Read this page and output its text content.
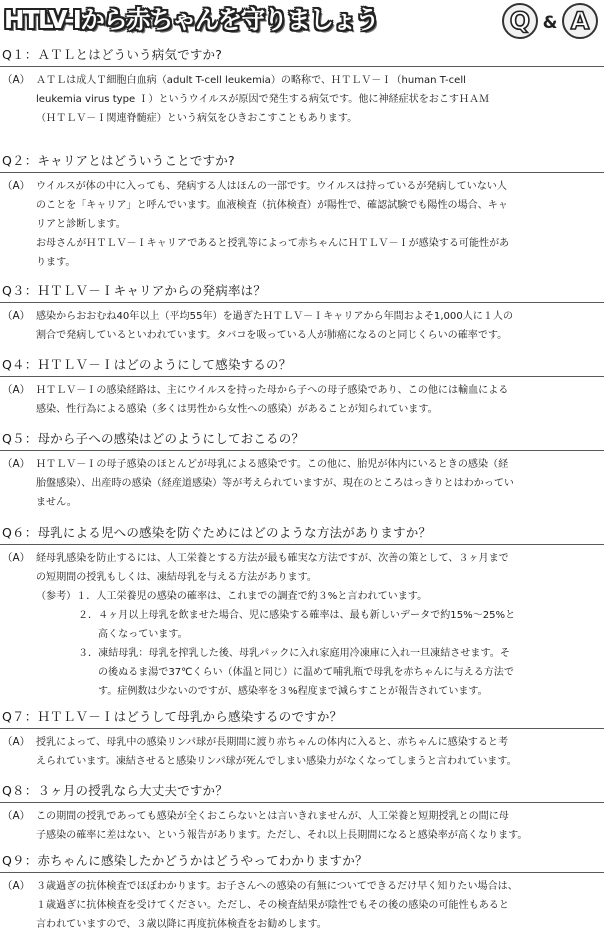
HTLV-Iから赤ちゃんを守りましょう	Q & A
Q１：ＡＴＬとはどういう病気ですか?
（A） ＡＴＬは成人Ｔ細胞白血病（adult T-cell leukemia）の略称で、ＨＴＬＶ－Ｉ（human T-cell
leukemia virus type Ｉ）というウイルスが原因で発生する病気です。他に神経症状をおこすＨＡＭ
（ＨＴＬＶ－Ｉ関連脊髄症）という病気をひきおこすこともあります。
Q２：キャリアとはどういうことですか?
（A） ウイルスが体の中に入っても、発病する人はほんの一部です。ウイルスは持っているが発病していない人
のことを「キャリア」と呼んでいます。血液検査（抗体検査）が陽性で、確認試験でも陽性の場合、キャ
リアと診断します。
お母さんがＨＴＬＶ－Ｉキャリアであると授乳等によって赤ちゃんにＨＴＬＶ－Ｉが感染する可能性があ
ります。
Q３：ＨＴＬＶ－Ｉキャリアからの発病率は？
（A） 感染からおおむね40年以上（平均55年）を過ぎたＨＴＬＶ－Ｉキャリアから年間およそ1,000人に１人の
割合で発病しているといわれています。タバコを吸っている人が肺癌になるのと同じくらいの確率です。
Q４：ＨＴＬＶ－Ｉはどのようにして感染するの？
（A） ＨＴＬＶ－Ｉの感染経路は、主にウイルスを持った母から子への母子感染であり、この他には輸血による
感染、性行為による感染（多くは男性から女性への感染）があることが知られています。
Q５：母から子への感染はどのようにしておこるの？
（A） ＨＴＬＶ－Ｉの母子感染のほとんどが母乳による感染です。この他に、胎児が体内にいるときの感染（経
胎盤感染）、出産時の感染（経産道感染）等が考えられていますが、現在のところはっきりとはわかってい
ません。
Q６：母乳による児への感染を防ぐためにはどのような方法がありますか？
（A） 経母乳感染を防止するには、人工栄養とする方法が最も確実な方法ですが、次善の策として、３ヶ月まで
の短期間の授乳もしくは、凍結母乳を与える方法があります。
（参考）１．人工栄養児の感染の確率は、これまでの調査で約３%と言われています。
２．４ヶ月以上母乳を飲ませた場合、児に感染する確率は、最も新しいデータで約15%～25%と
高くなっています。
３．凍結母乳：母乳を搾乳した後、母乳パックに入れ家庭用冷凍庫に入れ一旦凍結させます。そ
の後ぬるま湯で37℃くらい（体温と同じ）に温めて哺乳瓶で母乳を赤ちゃんに与える方法で
す。症例数は少ないのですが、感染率を３%程度まで減らすことが報告されています。
Q７：ＨＴＬＶ－Ｉはどうして母乳から感染するのですか？
（A） 授乳によって、母乳中の感染リンパ球が長期間に渡り赤ちゃんの体内に入ると、赤ちゃんに感染すると考
えられています。凍結させると感染リンパ球が死んでしまい感染力がなくなってしまうと言われています。
Q８：３ヶ月の授乳なら大丈夫ですか？
（A） この期間の授乳であっても感染が全くおこらないとは言いきれませんが、人工栄養と短期授乳との間に母
子感染の確率に差はない、という報告があります。ただし、それ以上長期間になると感染率が高くなります。
Q９：赤ちゃんに感染したかどうかはどうやってわかりますか？
（A） ３歳過ぎの抗体検査でほぼわかります。お子さんへの感染の有無についてできるだけ早く知りたい場合は、
１歳過ぎに抗体検査を受けてください。ただし、その検査結果が陰性でもその後の感染の可能性もあると
言われていますので、３歳以降に再度抗体検査をお勧めします。
